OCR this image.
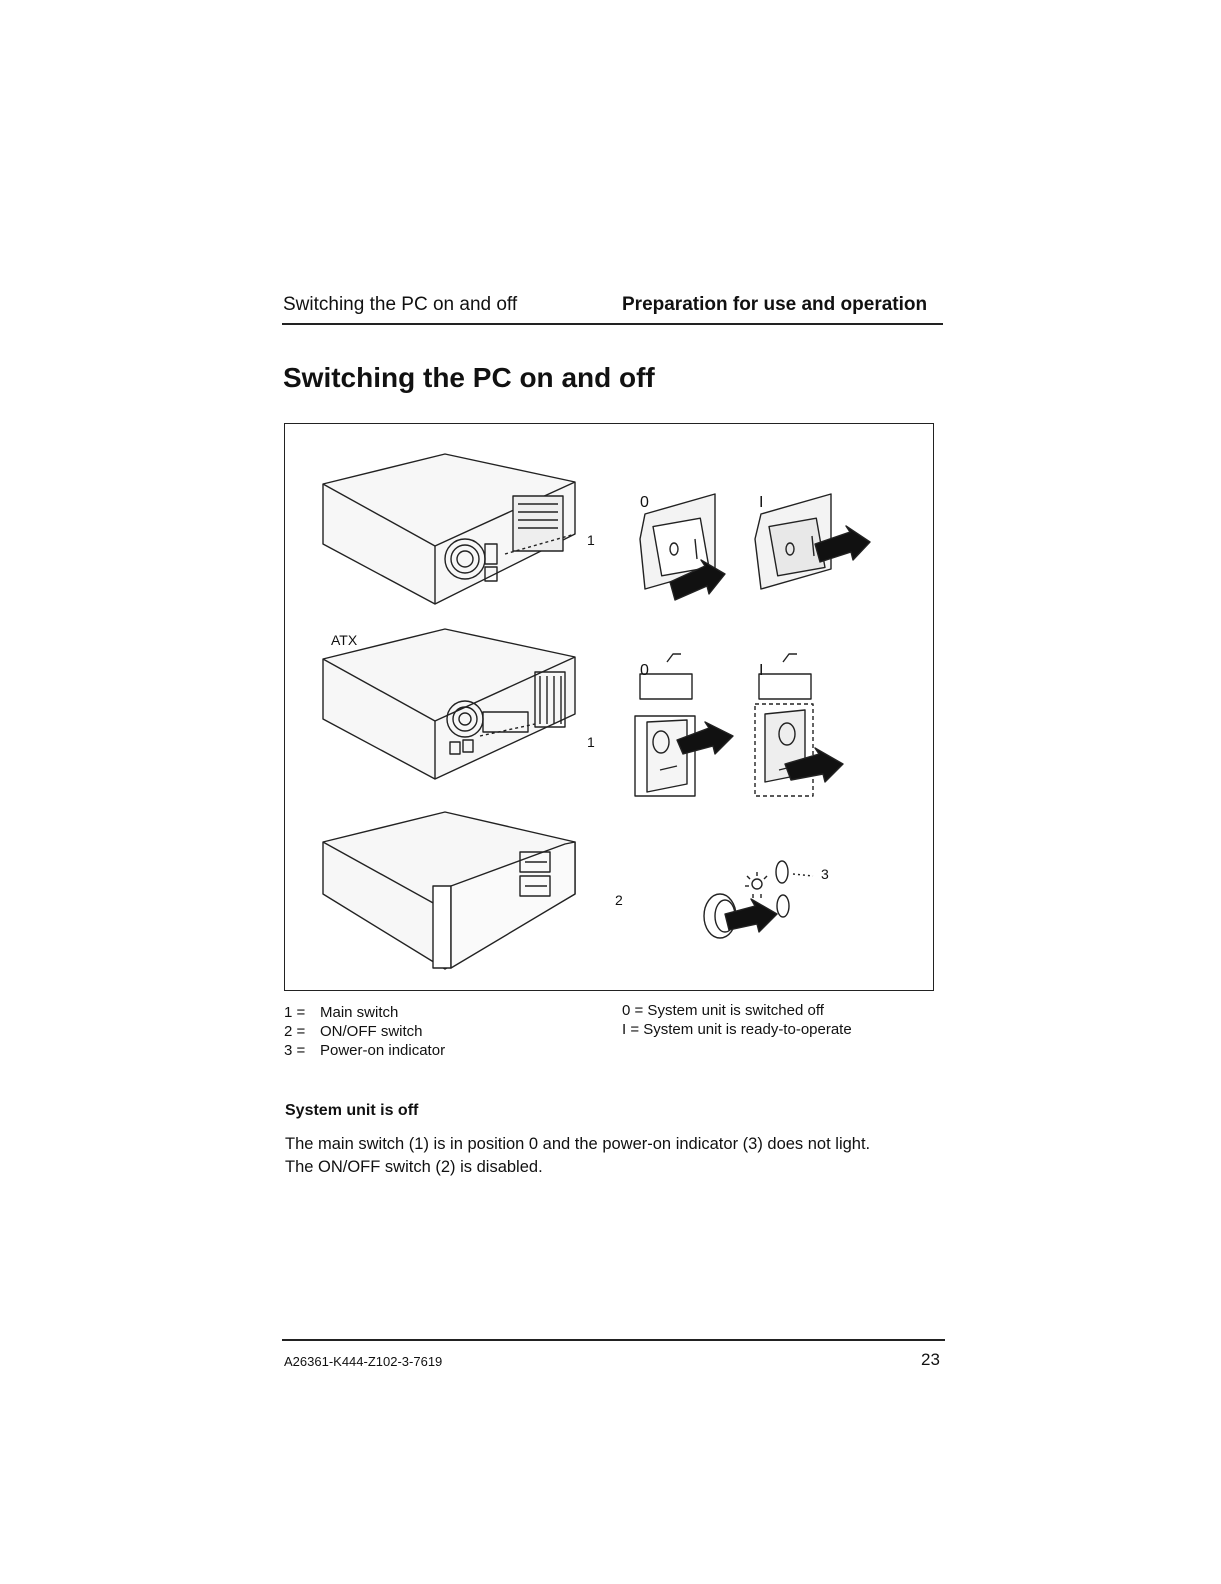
Switching the PC on and off	Preparation for use and operation
Switching the PC on and off
1
1
2
3
ATX
0	I
0	I
1 = Main switch
2 = ON/OFF switch
3 = Power-on indicator
0 = System unit is switched off
I = System unit is ready-to-operate
System unit is off
The main switch (1) is in position 0 and the power-on indicator (3) does not light.
The ON/OFF switch (2) is disabled.
A26361-K444-Z102-3-7619	23
